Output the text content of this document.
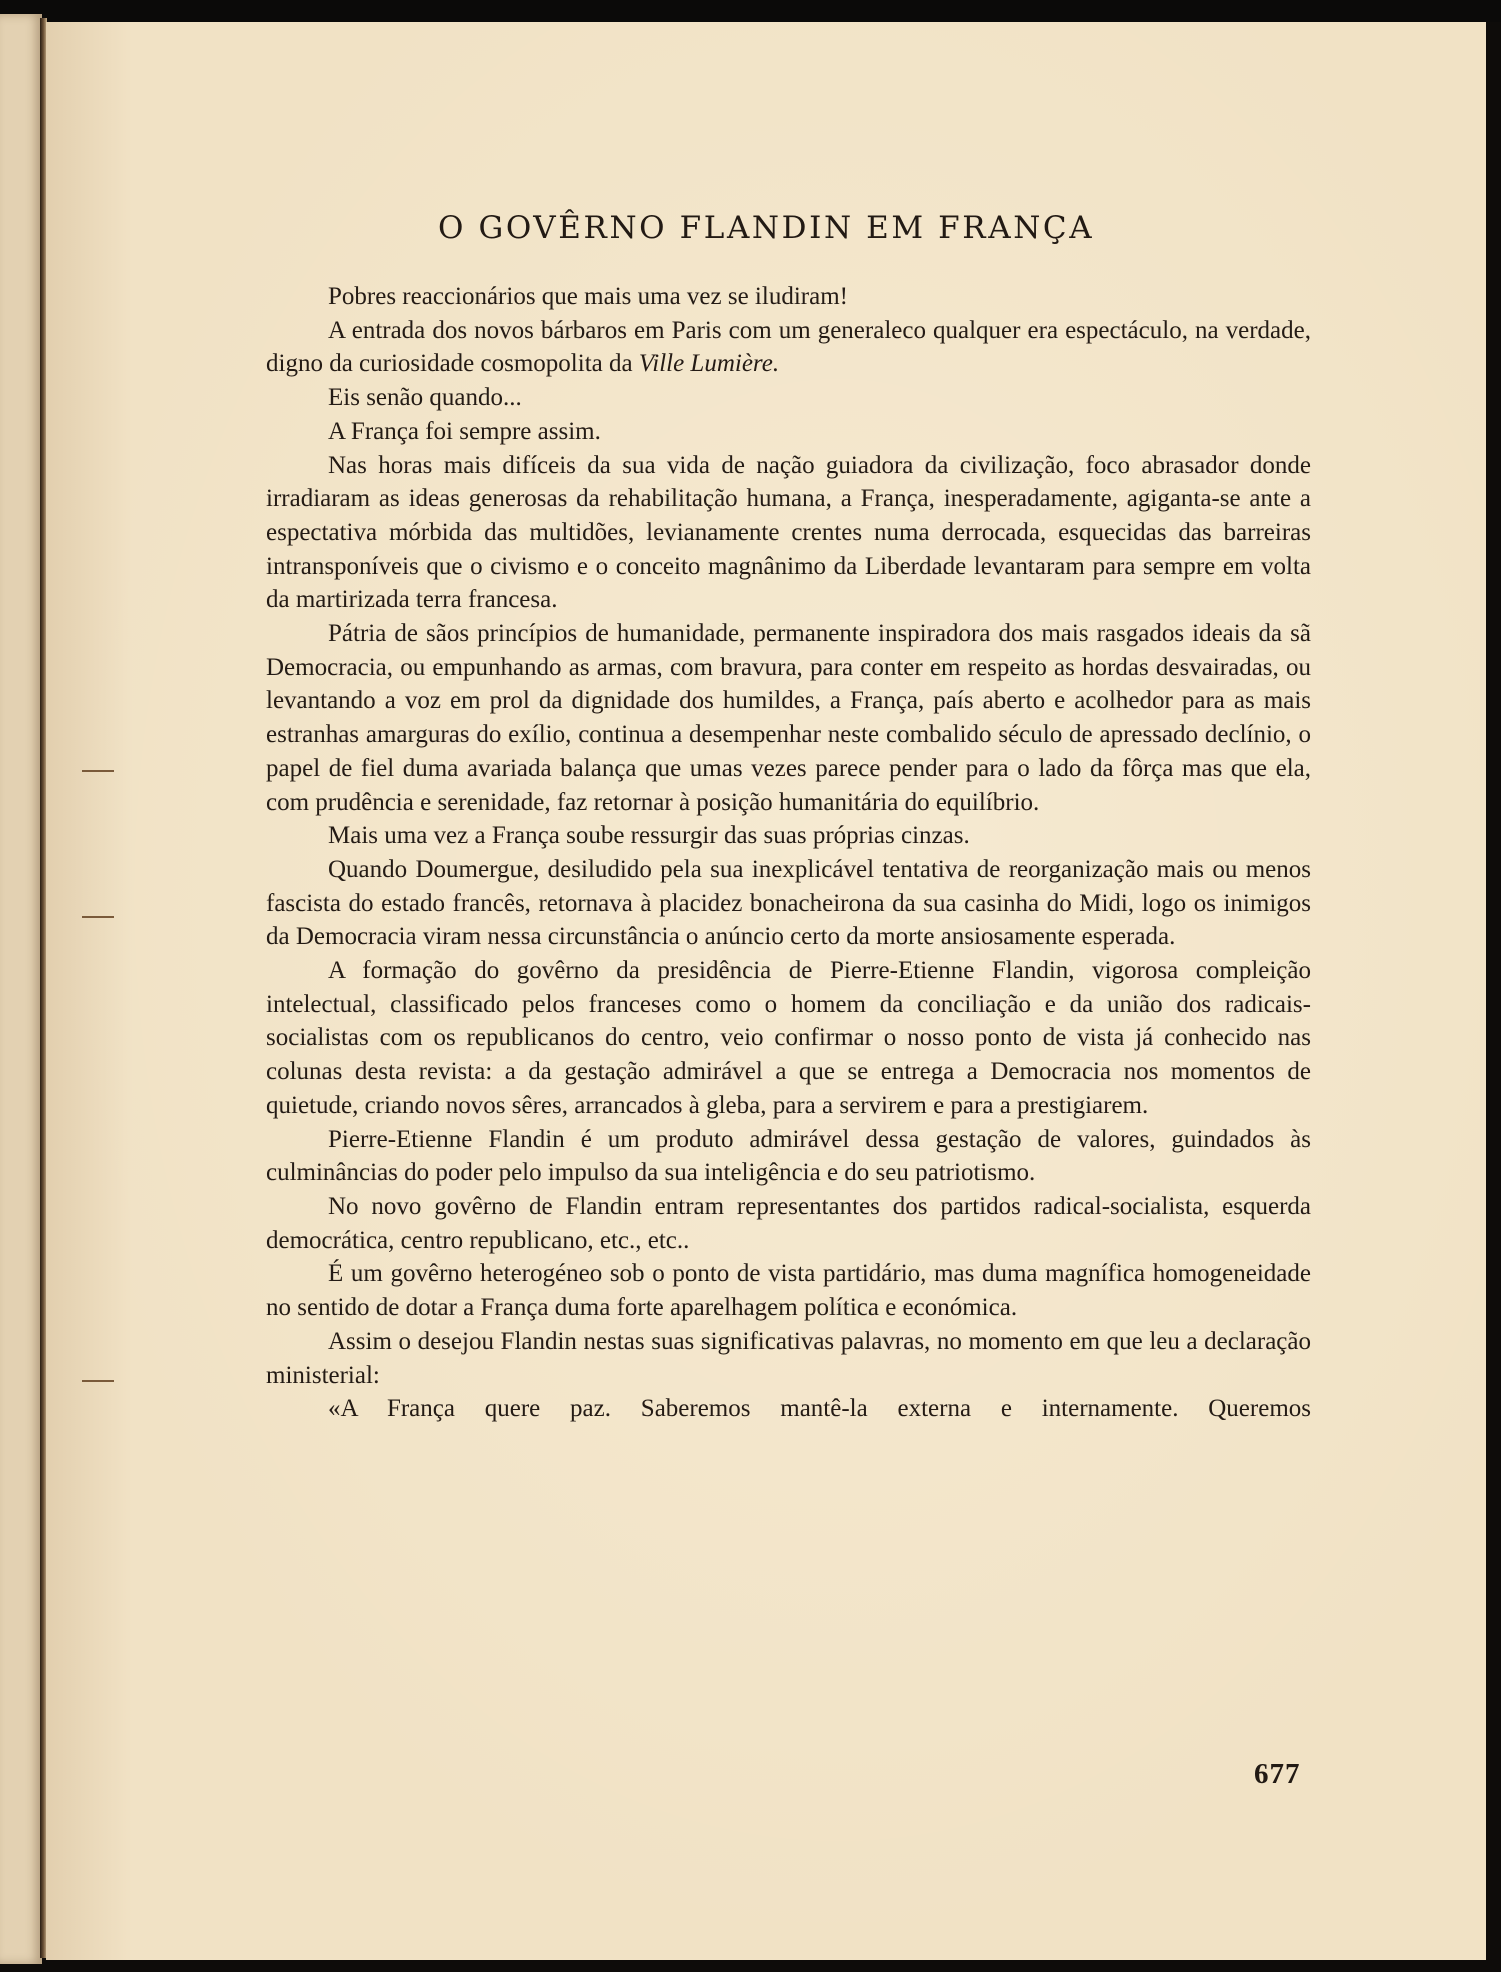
O GOVÊRNO FLANDIN EM FRANÇA

Pobres reaccionários que mais uma vez se iludiram!

A entrada dos novos bárbaros em Paris com um generaleco qualquer era espectáculo, na verdade, digno da curiosidade cosmopolita da Ville Lumière.

Eis senão quando...

A França foi sempre assim.

Nas horas mais difíceis da sua vida de nação guiadora da civilização, foco abrasador donde irradiaram as ideas generosas da rehabilitação humana, a França, inesperadamente, agiganta-se ante a espectativa mórbida das multidões, levianamente crentes numa derrocada, esquecidas das barreiras intransponíveis que o civismo e o conceito magnânimo da Liberdade levantaram para sempre em volta da martirizada terra francesa.

Pátria de sãos princípios de humanidade, permanente inspiradora dos mais rasgados ideais da sã Democracia, ou empunhando as armas, com bravura, para conter em respeito as hordas desvairadas, ou levantando a voz em prol da dignidade dos humildes, a França, país aberto e acolhedor para as mais estranhas amarguras do exílio, continua a desempenhar neste combalido século de apressado declínio, o papel de fiel duma avariada balança que umas vezes parece pender para o lado da fôrça mas que ela, com prudência e serenidade, faz retornar à posição humanitária do equilíbrio.

Mais uma vez a França soube ressurgir das suas próprias cinzas.

Quando Doumergue, desiludido pela sua inexplicável tentativa de reorganização mais ou menos fascista do estado francês, retornava à placidez bonacheirona da sua casinha do Midi, logo os inimigos da Democracia viram nessa circunstância o anúncio certo da morte ansiosamente esperada.

A formação do govêrno da presidência de Pierre-Etienne Flandin, vigorosa compleição intelectual, classificado pelos franceses como o homem da conciliação e da união dos radicais-socialistas com os republicanos do centro, veio confirmar o nosso ponto de vista já conhecido nas colunas desta revista: a da gestação admirável a que se entrega a Democracia nos momentos de quietude, criando novos sêres, arrancados à gleba, para a servirem e para a prestigiarem.

Pierre-Etienne Flandin é um produto admirável dessa gestação de valores, guindados às culminâncias do poder pelo impulso da sua inteligência e do seu patriotismo.

No novo govêrno de Flandin entram representantes dos partidos radical-socialista, esquerda democrática, centro republicano, etc., etc..

É um govêrno heterogéneo sob o ponto de vista partidário, mas duma magnífica homogeneidade no sentido de dotar a França duma forte aparelhagem política e económica.

Assim o desejou Flandin nestas suas significativas palavras, no momento em que leu a declaração ministerial:

«A França quere paz. Saberemos mantê-la externa e internamente. Queremos

677
